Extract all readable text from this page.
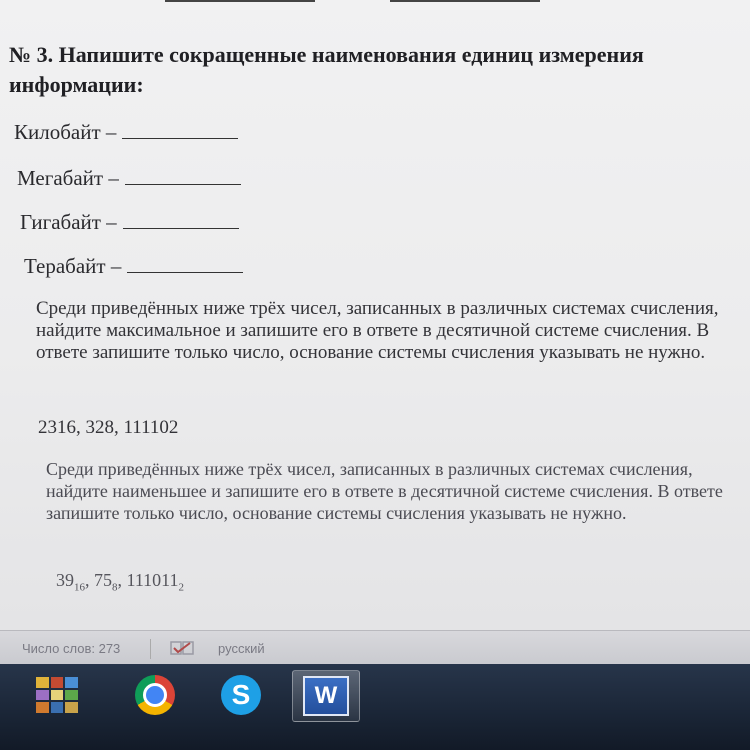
№ 3. Напишите сокращенные наименования единиц измерения информации:
Килобайт –
Мегабайт –
Гигабайт –
Терабайт –
Среди приведённых ниже трёх чисел, записанных в различных системах счисления, найдите максимальное и запишите его в ответе в десятичной системе счисления. В ответе запишите только число, основание системы счисления указывать не нужно.
2316, 328, 111102
Среди приведённых ниже трёх чисел, записанных в различных системах счисления, найдите наименьшее и запишите его в ответе в десятичной системе счисления. В ответе запишите только число, основание системы счисления указывать не нужно.
$39_{16}$, $75_8$, $111011_2$
Число слов: 273	русский
S	W
